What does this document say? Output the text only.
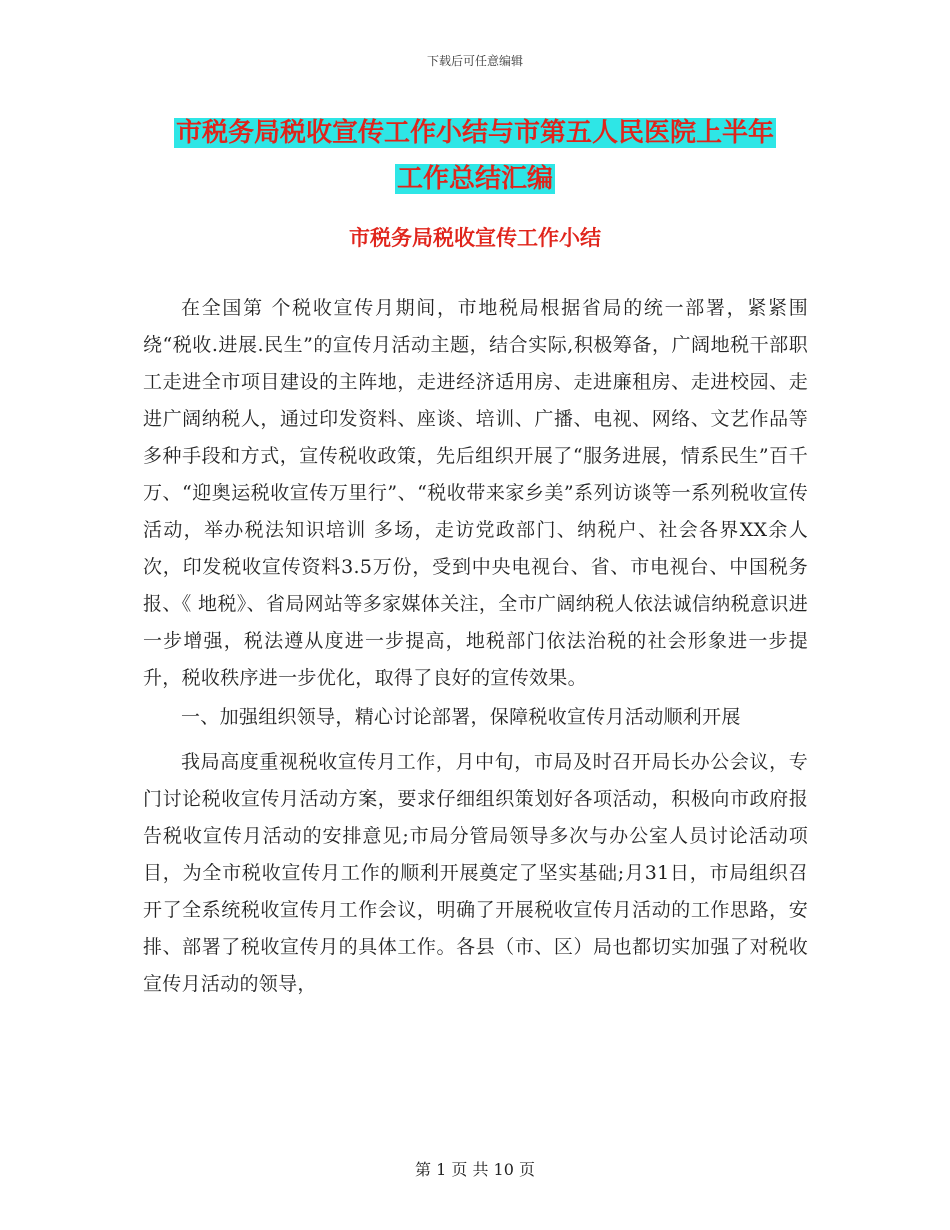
下载后可任意编辑
市税务局税收宣传工作小结与市第五人民医院上半年
工作总结汇编
市税务局税收宣传工作小结

在全国第 个税收宣传月期间，市地税局根据省局的统一部署，紧紧围绕“税收.进展.民生”的宣传月活动主题，结合实际,积极筹备，广阔地税干部职工走进全市项目建设的主阵地，走进经济适用房、走进廉租房、走进校园、走进广阔纳税人，通过印发资料、座谈、培训、广播、电视、网络、文艺作品等多种手段和方式，宣传税收政策，先后组织开展了“服务进展，情系民生”百千万、“迎奥运税收宣传万里行”、“税收带来家乡美”系列访谈等一系列税收宣传活动，举办税法知识培训 多场，走访党政部门、纳税户、社会各界XX余人次，印发税收宣传资料3.5万份，受到中央电视台、省、市电视台、中国税务报、《 地税》、省局网站等多家媒体关注，全市广阔纳税人依法诚信纳税意识进一步增强，税法遵从度进一步提高，地税部门依法治税的社会形象进一步提升，税收秩序进一步优化，取得了良好的宣传效果。

一、加强组织领导，精心讨论部署，保障税收宣传月活动顺利开展

我局高度重视税收宣传月工作，月中旬，市局及时召开局长办公会议，专门讨论税收宣传月活动方案，要求仔细组织策划好各项活动，积极向市政府报告税收宣传月活动的安排意见;市局分管局领导多次与办公室人员讨论活动项目，为全市税收宣传月工作的顺利开展奠定了坚实基础;月31日，市局组织召开了全系统税收宣传月工作会议，明确了开展税收宣传月活动的工作思路，安排、部署了税收宣传月的具体工作。各县（市、区）局也都切实加强了对税收宣传月活动的领导，

第 1 页 共 10 页
